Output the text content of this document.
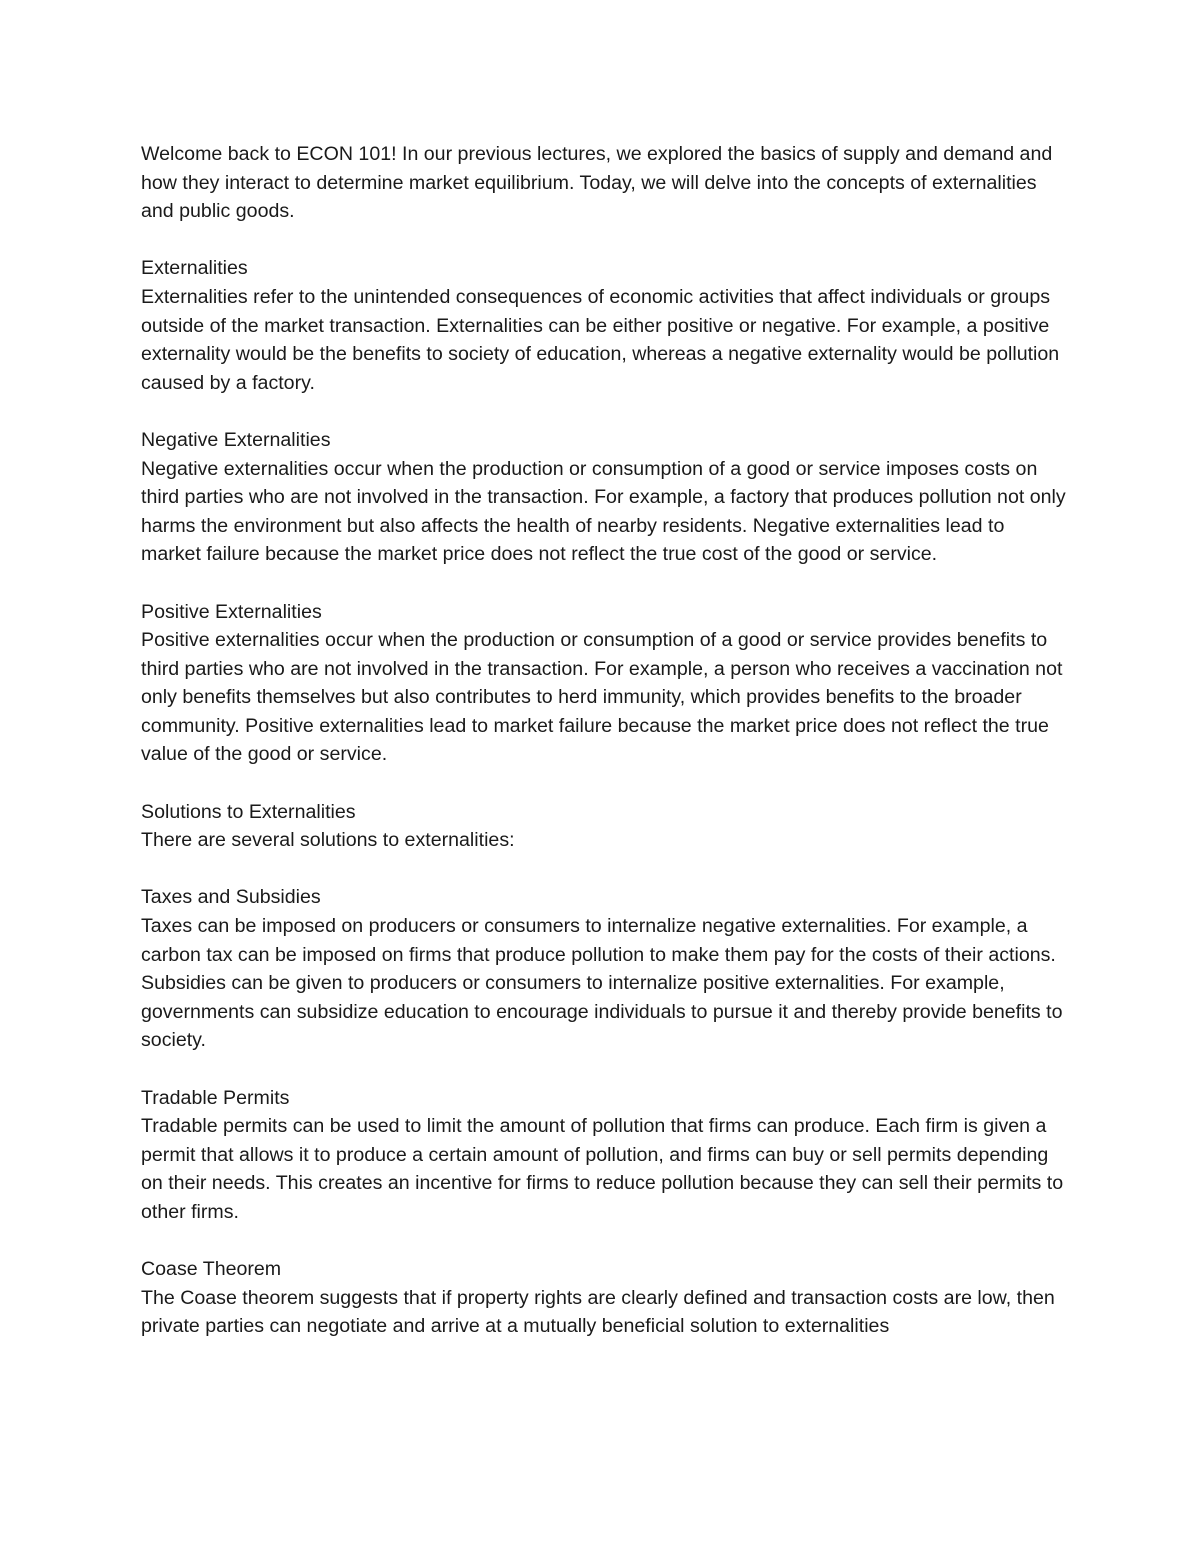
Welcome back to ECON 101! In our previous lectures, we explored the basics of supply and demand and how they interact to determine market equilibrium. Today, we will delve into the concepts of externalities and public goods.

Externalities
Externalities refer to the unintended consequences of economic activities that affect individuals or groups outside of the market transaction. Externalities can be either positive or negative. For example, a positive externality would be the benefits to society of education, whereas a negative externality would be pollution caused by a factory.

Negative Externalities
Negative externalities occur when the production or consumption of a good or service imposes costs on third parties who are not involved in the transaction. For example, a factory that produces pollution not only harms the environment but also affects the health of nearby residents. Negative externalities lead to market failure because the market price does not reflect the true cost of the good or service.

Positive Externalities
Positive externalities occur when the production or consumption of a good or service provides benefits to third parties who are not involved in the transaction. For example, a person who receives a vaccination not only benefits themselves but also contributes to herd immunity, which provides benefits to the broader community. Positive externalities lead to market failure because the market price does not reflect the true value of the good or service.

Solutions to Externalities
There are several solutions to externalities:

Taxes and Subsidies
Taxes can be imposed on producers or consumers to internalize negative externalities. For example, a carbon tax can be imposed on firms that produce pollution to make them pay for the costs of their actions. Subsidies can be given to producers or consumers to internalize positive externalities. For example, governments can subsidize education to encourage individuals to pursue it and thereby provide benefits to society.

Tradable Permits
Tradable permits can be used to limit the amount of pollution that firms can produce. Each firm is given a permit that allows it to produce a certain amount of pollution, and firms can buy or sell permits depending on their needs. This creates an incentive for firms to reduce pollution because they can sell their permits to other firms.

Coase Theorem
The Coase theorem suggests that if property rights are clearly defined and transaction costs are low, then private parties can negotiate and arrive at a mutually beneficial solution to externalities
